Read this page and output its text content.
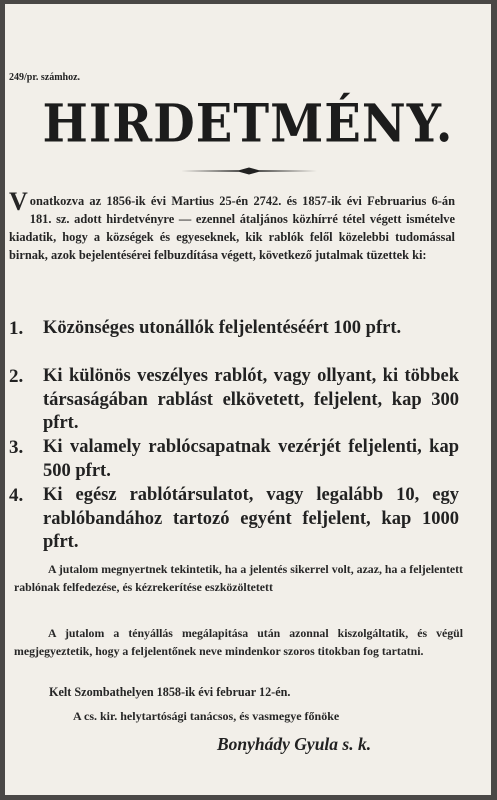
249/pr. számhoz.
HIRDETMÉNY.
Vonatkozva az 1856-ik évi Martius 25-én 2742. és 1857-ik évi Februarius 6-án 181. sz. adott hirdetvényre — ezennel átaljános közhírré tétel végett ismételve kiadatik, hogy a községek és egyeseknek, kik rablók felől közelebbi tudomással birnak, azok bejelentésérei felbuzdítása végett, következő jutalmak tüzettek ki:
1. Közönséges utonállók feljelentéséért 100 pfrt.
2. Ki különös veszélyes rablót, vagy ollyant, ki többek társaságában rablást elkövetett, feljelent, kap 300 pfrt.
3. Ki valamely rablócsapatnak vezérjét feljelenti, kap 500 pfrt.
4. Ki egész rablótársulatot, vagy legalább 10, egy rablóbandához tartozó egyént feljelent, kap 1000 pfrt.
A jutalom megnyertnek tekintetik, ha a jelentés sikerrel volt, azaz, ha a feljelentett rablónak felfedezése, és kézrekerítése eszközöltetett
A jutalom a tényállás megálapitása után azonnal kiszolgáltatik, és végül megjegyeztetik, hogy a feljelentőnek neve mindenkor szoros titokban fog tartatni.
Kelt Szombathelyen 1858-ik évi februar 12-én.
A cs. kir. helytartósági tanácsos, és vasmegye főnöke
Bonyhády Gyula s. k.
